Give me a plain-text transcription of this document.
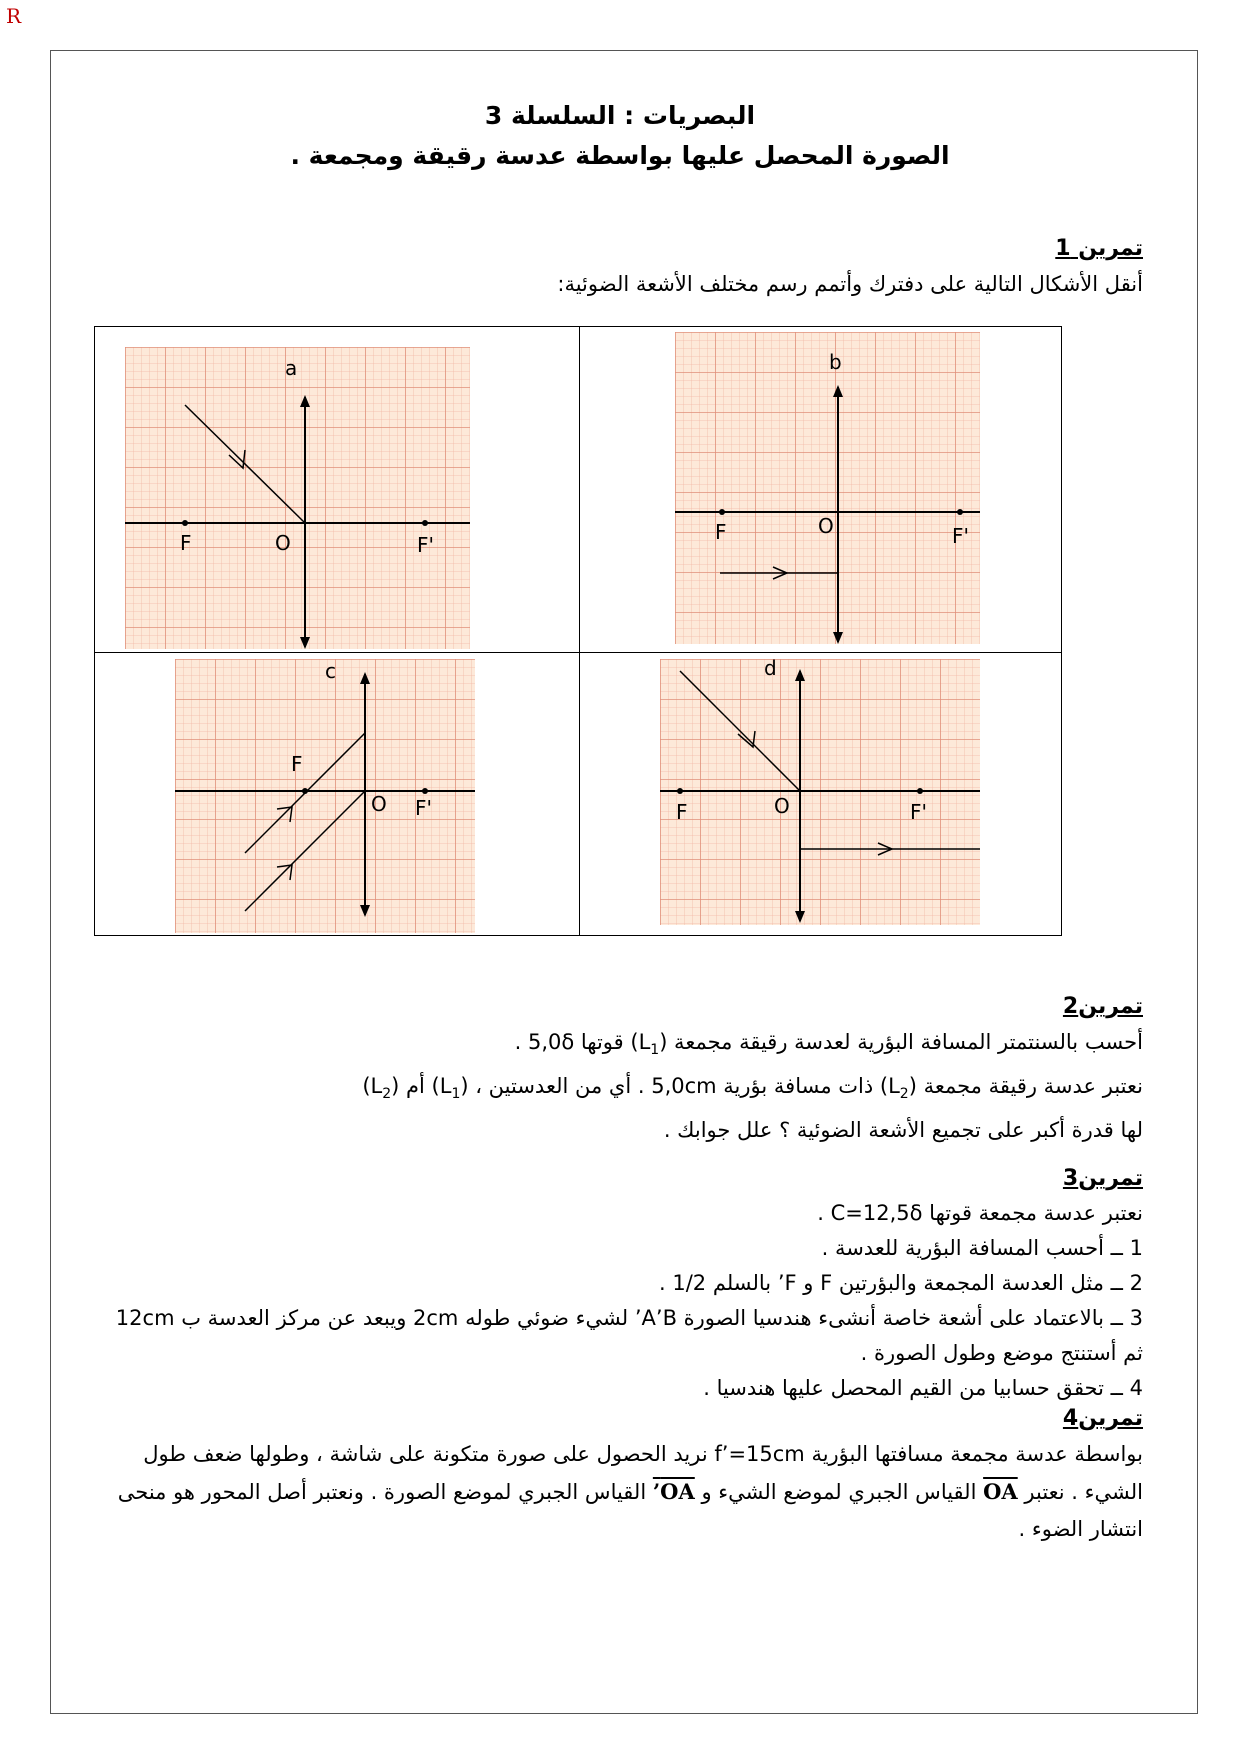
R
البصريات : السلسلة 3
الصورة المحصل عليها بواسطة عدسة رقيقة ومجمعة .
تمرين 1
أنقل الأشكال التالية على دفترك وأتمم رسم مختلف الأشعة الضوئية:
a
F	O	F'
b
F	O	F'
c
F
O F'
d
F	O	F'
تمرين2
أحسب بالسنتمتر المسافة البؤرية لعدسة رقيقة مجمعة $(L_1)$ قوتها 5,0δ .
نعتبر عدسة رقيقة مجمعة $(L_2)$ ذات مسافة بؤرية 5,0cm . أي من العدستين ، $(L_1)$ أم $(L_2)$
لها قدرة أكبر على تجميع الأشعة الضوئية ؟ علل جوابك .
تمرين3
نعتبر عدسة مجمعة قوتها C=12,5δ .
1 ــ أحسب المسافة البؤرية للعدسة .
2 ــ مثل العدسة المجمعة والبؤرتين F و F’ بالسلم 1/2 .
3 ــ بالاعتماد على أشعة خاصة أنشىء هندسيا الصورة A’B’ لشيء ضوئي طوله 2cm ويبعد عن مركز العدسة ب 12cm ثم أستنتج موضع وطول الصورة .
4 ــ تحقق حسابيا من القيم المحصل عليها هندسيا .
تمرين4
بواسطة عدسة مجمعة مسافتها البؤرية f’=15cm نريد الحصول على صورة متكونة على شاشة ، وطولها ضعف طول الشيء . نعتبر OA القياس الجبري لموضع الشيء و OA’ القياس الجبري لموضع الصورة . ونعتبر أصل المحور هو منحى انتشار الضوء .
